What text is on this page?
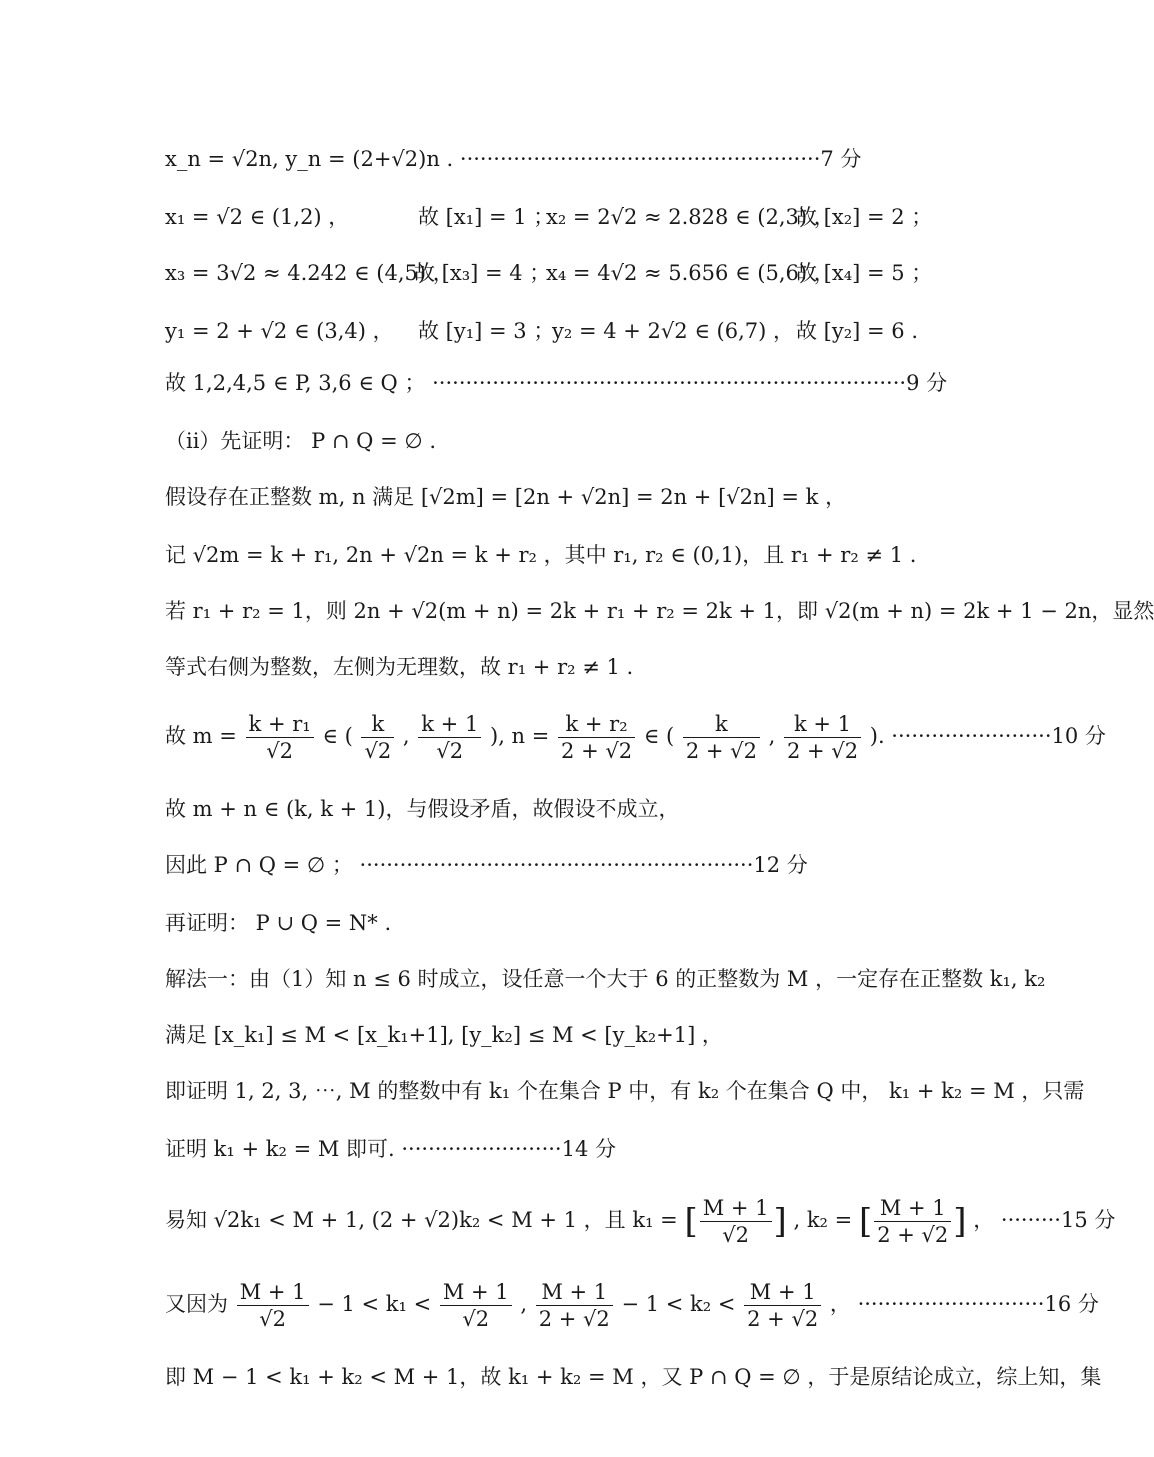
x_n = √2n, y_n = (2+√2)n . ······················································7 分
x₁ = √2 ∈ (1,2) ，	故 [x₁] = 1 ；
x₂ = 2√2 ≈ 2.828 ∈ (2,3) ，
故 [x₂] = 2 ；
x₃ = 3√2 ≈ 4.242 ∈ (4,5) ，
故 [x₃] = 4 ；
x₄ = 4√2 ≈ 5.656 ∈ (5,6) ，
故 [x₄] = 5 ；
y₁ = 2 + √2 ∈ (3,4) ， 故 [y₁] = 3 ；
y₂ = 4 + 2√2 ∈ (6,7) ， 故 [y₂] = 6 .
故 1,2,4,5 ∈ P, 3,6 ∈ Q ； ·······································································9 分
（ii）先证明： P ∩ Q = ∅ .
假设存在正整数 m, n 满足 [√2m] = [2n + √2n] = 2n + [√2n] = k ，
记 √2m = k + r₁, 2n + √2n = k + r₂ ，其中 r₁, r₂ ∈ (0,1)，且 r₁ + r₂ ≠ 1 .
若 r₁ + r₂ = 1，则 2n + √2(m + n) = 2k + r₁ + r₂ = 2k + 1，即 √2(m + n) = 2k + 1 − 2n，显然
等式右侧为整数，左侧为无理数，故 r₁ + r₂ ≠ 1 .
故 $m = \frac{\text{k + r₁}}{√2}$ ∈ ( $\frac{k}{√2}$ , $\frac{k + 1}{√2}$ ), $n = \frac{\text{k + r₂}}{2 + √2}$ ∈ ( $\frac{k}{2 + √2}$ , $\frac{k + 1}{2 + √2}$ ). ························10 分
故 m + n ∈ (k, k + 1)，与假设矛盾，故假设不成立，
因此 P ∩ Q = ∅ ； ···························································12 分
再证明： P ∪ Q = N* .
解法一：由（1）知 n ≤ 6 时成立，设任意一个大于 6 的正整数为 M ，一定存在正整数 k₁, k₂
满足 [x_k₁] ≤ M < [x_k₁+1], [y_k₂] ≤ M < [y_k₂+1] ，
即证明 1, 2, 3, ⋯, M 的整数中有 k₁ 个在集合 P 中，有 k₂ 个在集合 Q 中， k₁ + k₂ = M ，只需
证明 k₁ + k₂ = M 即可. ························14 分
易知 √2k₁ < M + 1, (2 + √2)k₂ < M + 1 ，且 k₁ = [ $\frac{M + 1}{√2}$ ] , k₂ = [ $\frac{M + 1}{2 + √2}$ ] ， ·········15 分
又因为 $\frac{M + 1}{√2} - 1 < k_1 < \frac{M + 1}{√2}$ , $\frac{M + 1}{2 + √2} - 1 < k_2 < \frac{M + 1}{2 + √2}$ ， ····························16 分
即 M − 1 < k₁ + k₂ < M + 1，故 k₁ + k₂ = M ，又 P ∩ Q = ∅ ，于是原结论成立，综上知，集
